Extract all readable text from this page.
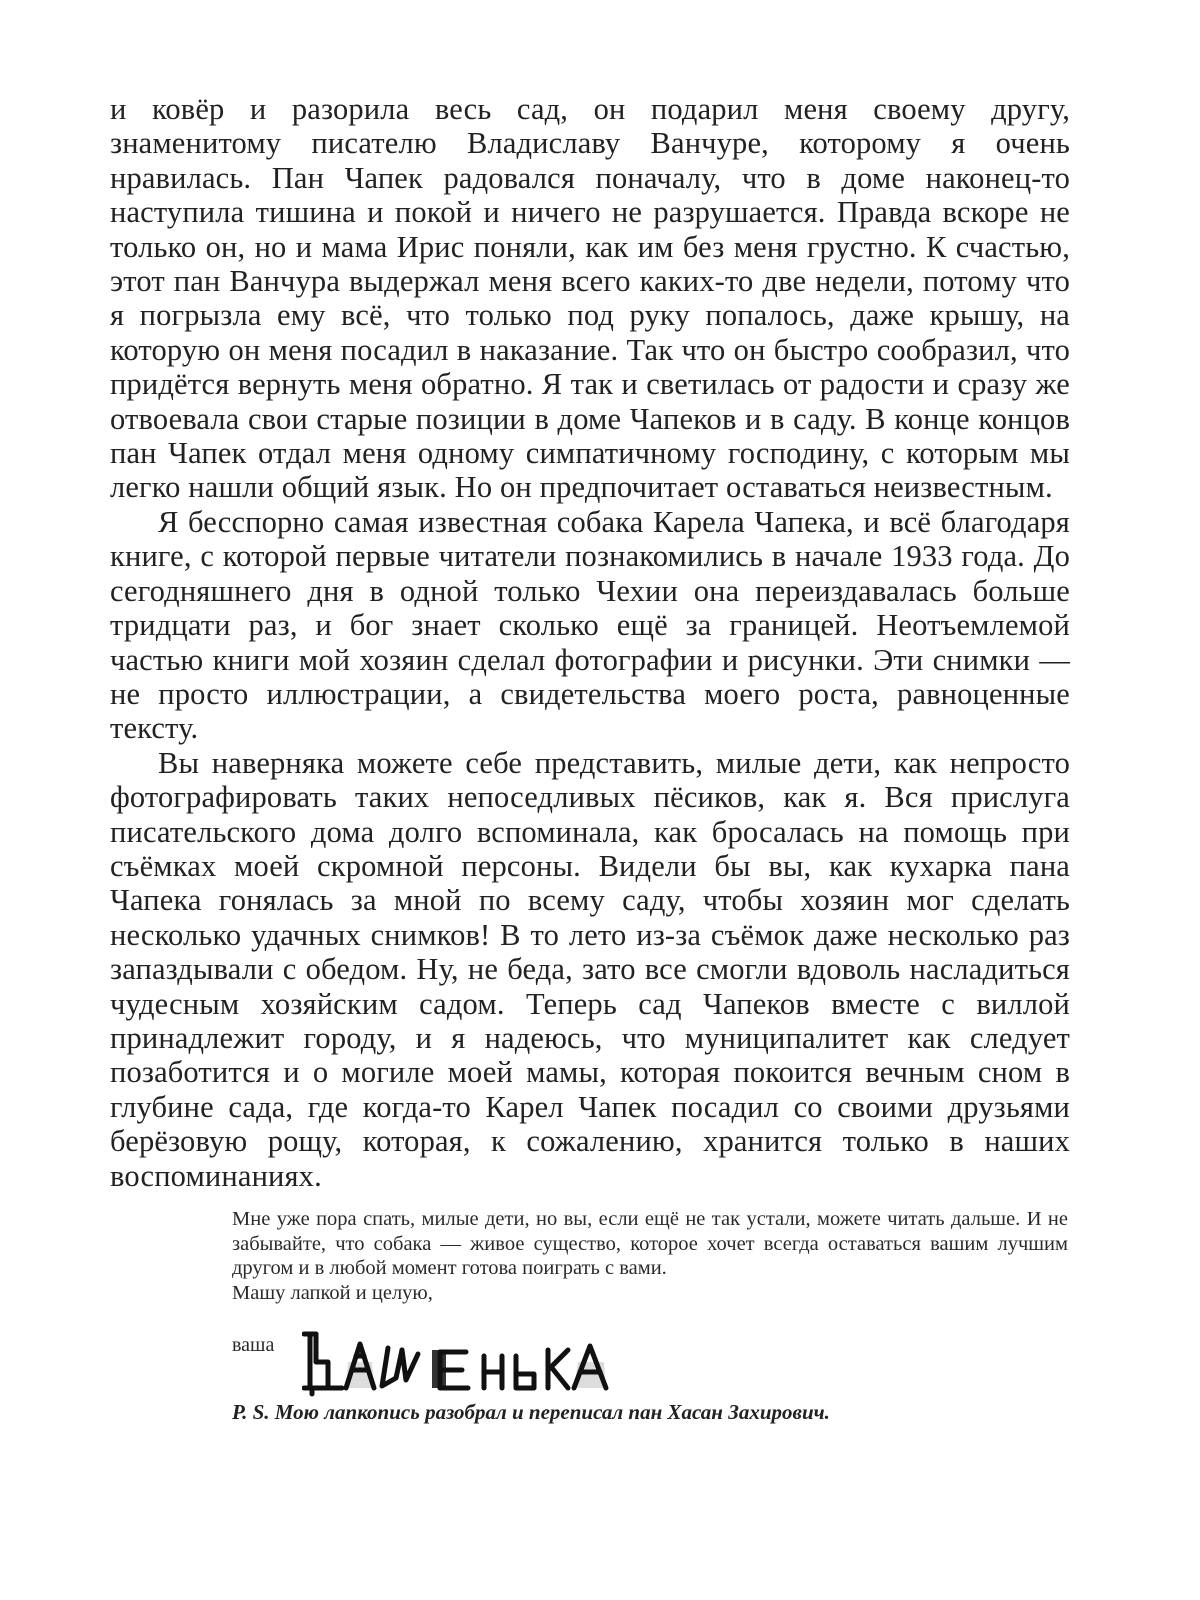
и ковёр и разорила весь сад, он подарил меня своему другу, знаменитому писателю Владиславу Ванчуре, которому я очень нравилась. Пан Чапек радовался поначалу, что в доме наконец-то наступила тишина и покой и ничего не разрушается. Правда вскоре не только он, но и мама Ирис поняли, как им без меня грустно. К счастью, этот пан Ванчура выдержал меня всего каких-то две недели, потому что я погрызла ему всё, что только под руку попалось, даже крышу, на которую он меня посадил в наказание. Так что он быстро сообразил, что придётся вернуть меня обратно. Я так и светилась от радости и сразу же отвоевала свои старые позиции в доме Чапеков и в саду. В конце концов пан Чапек отдал меня одному симпатичному господину, с которым мы легко нашли общий язык. Но он предпочитает оставаться неизвестным.

Я бесспорно самая известная собака Карела Чапека, и всё благодаря книге, с которой первые читатели познакомились в начале 1933 года. До сегодняшнего дня в одной только Чехии она переиздавалась больше тридцати раз, и бог знает сколько ещё за границей. Неотъемлемой частью книги мой хозяин сделал фотографии и рисунки. Эти снимки — не просто иллюстрации, а свидетельства моего роста, равноценные тексту.

Вы наверняка можете себе представить, милые дети, как непросто фотографировать таких непоседливых пёсиков, как я. Вся прислуга писательского дома долго вспоминала, как бросалась на помощь при съёмках моей скромной персоны. Видели бы вы, как кухарка пана Чапека гонялась за мной по всему саду, чтобы хозяин мог сделать несколько удачных снимков! В то лето из-за съёмок даже несколько раз запаздывали с обедом. Ну, не беда, зато все смогли вдоволь насладиться чудесным хозяйским садом. Теперь сад Чапеков вместе с виллой принадлежит городу, и я надеюсь, что муниципалитет как следует позаботится и о могиле моей мамы, которая покоится вечным сном в глубине сада, где когда-то Карел Чапек посадил со своими друзьями берёзовую рощу, которая, к сожалению, хранится только в наших воспоминаниях.

Мне уже пора спать, милые дети, но вы, если ещё не так устали, можете читать дальше. И не забывайте, что собака — живое существо, которое хочет всегда оставаться вашим лучшим другом и в любой момент готова поиграть с вами.
Машу лапкой и целую,

ваша

P. S. Мою лапкопись разобрал и переписал пан Хасан Захирович.
